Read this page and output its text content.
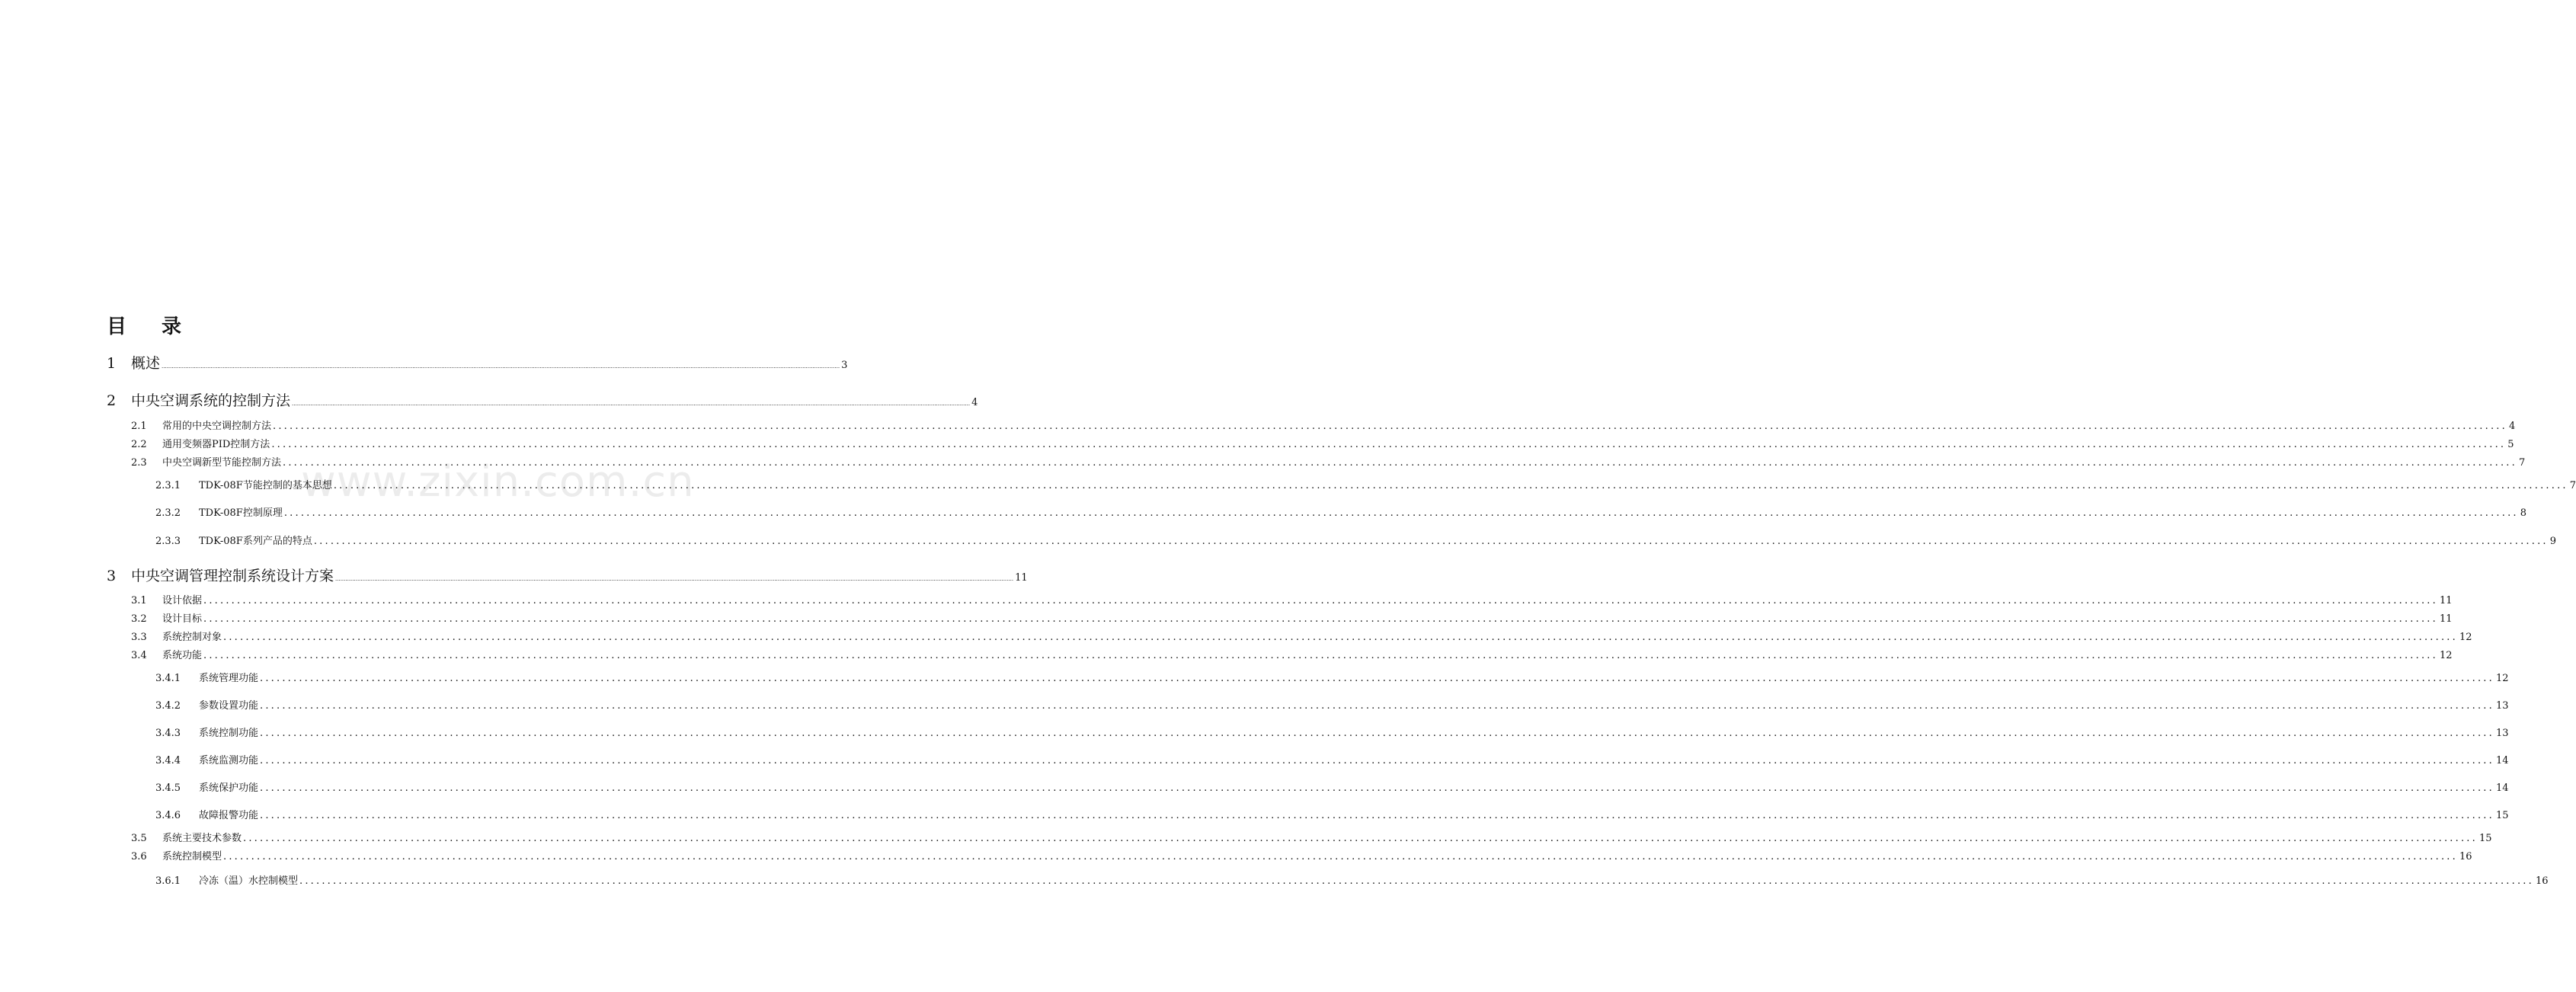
www.zixin.com.cn
目　录
1	概述 ................................................................................................................................................................................................................................................................................................................................................................................................................ 3
2	中央空调系统的控制方法 ................................................................................................................................................................................................................................................................................................................................................................................................................ 4
2.1	常用的中央空调控制方法 ................................................................................................................................................................................................................................................................................................................................................................................................................ 4
2.2	通用变频器PID控制方法 ................................................................................................................................................................................................................................................................................................................................................................................................................ 5
2.3	中央空调新型节能控制方法 ................................................................................................................................................................................................................................................................................................................................................................................................................ 7
2.3.1	TDK-08F节能控制的基本思想 ................................................................................................................................................................................................................................................................................................................................................................................................................ 7
2.3.2	TDK-08F控制原理 ................................................................................................................................................................................................................................................................................................................................................................................................................ 8
2.3.3	TDK-08F系列产品的特点 ................................................................................................................................................................................................................................................................................................................................................................................................................ 9
3	中央空调管理控制系统设计方案 ................................................................................................................................................................................................................................................................................................................................................................................................................ 11
3.1	设计依据 ................................................................................................................................................................................................................................................................................................................................................................................................................ 11
3.2	设计目标 ................................................................................................................................................................................................................................................................................................................................................................................................................ 11
3.3	系统控制对象 ................................................................................................................................................................................................................................................................................................................................................................................................................ 12
3.4	系统功能 ................................................................................................................................................................................................................................................................................................................................................................................................................ 12
3.4.1	系统管理功能 ................................................................................................................................................................................................................................................................................................................................................................................................................ 12
3.4.2	参数设置功能 ................................................................................................................................................................................................................................................................................................................................................................................................................ 13
3.4.3	系统控制功能 ................................................................................................................................................................................................................................................................................................................................................................................................................ 13
3.4.4	系统监测功能 ................................................................................................................................................................................................................................................................................................................................................................................................................ 14
3.4.5	系统保护功能 ................................................................................................................................................................................................................................................................................................................................................................................................................ 14
3.4.6	故障报警功能 ................................................................................................................................................................................................................................................................................................................................................................................................................ 15
3.5	系统主要技术参数 ................................................................................................................................................................................................................................................................................................................................................................................................................ 15
3.6	系统控制模型 ................................................................................................................................................................................................................................................................................................................................................................................................................ 16
3.6.1	冷冻（温）水控制模型 ................................................................................................................................................................................................................................................................................................................................................................................................................ 16
